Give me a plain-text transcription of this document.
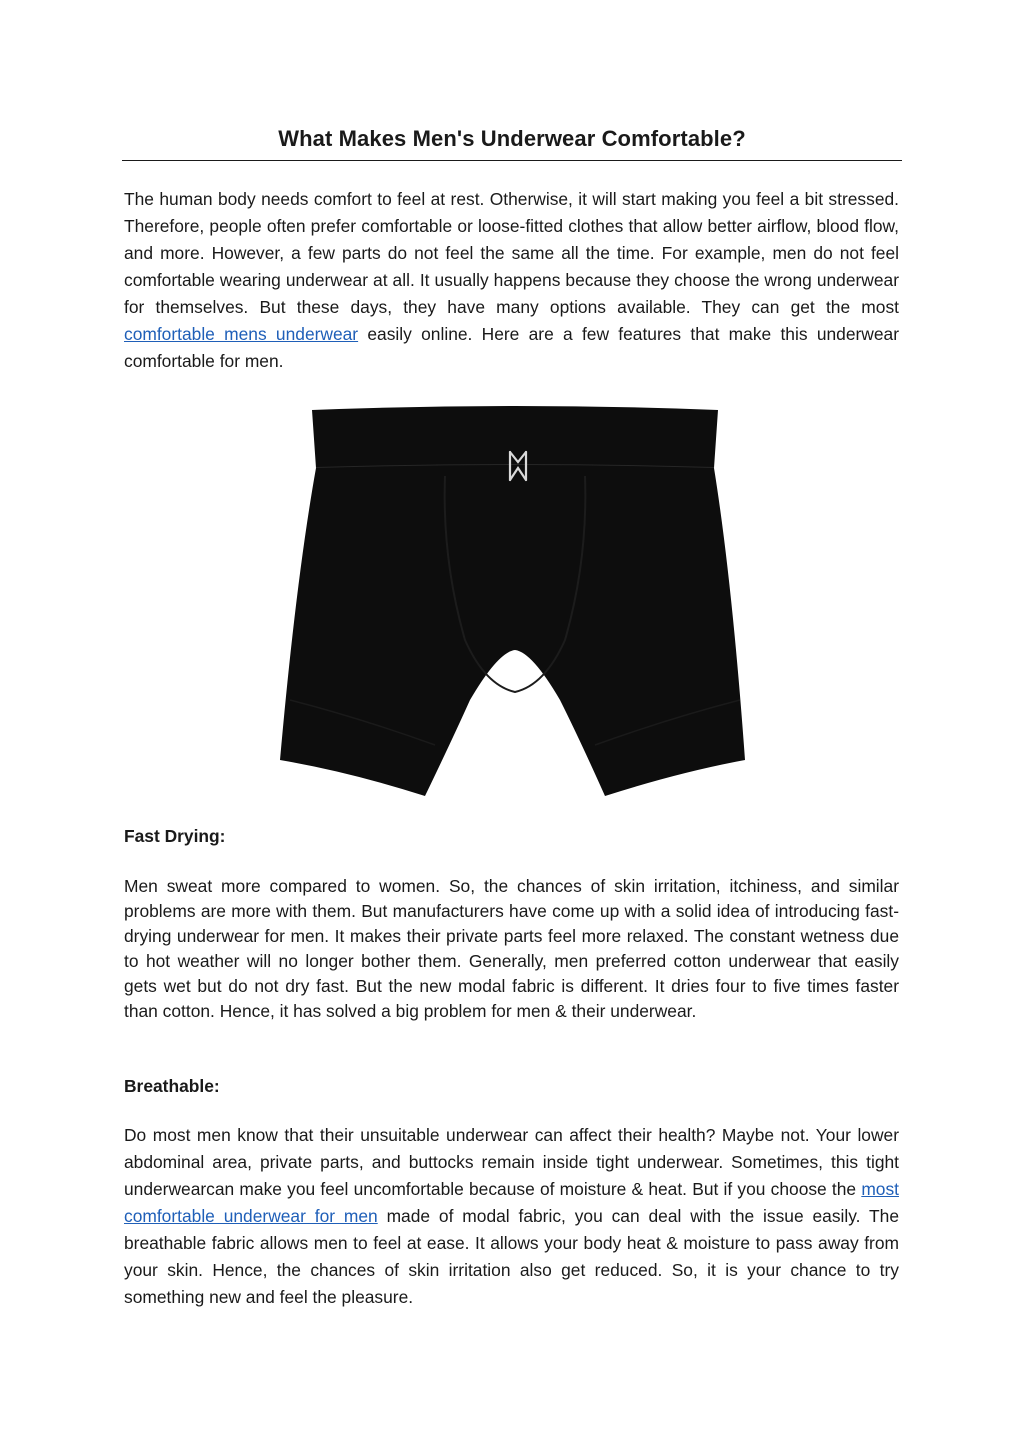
What Makes Men's Underwear Comfortable?

The human body needs comfort to feel at rest. Otherwise, it will start making you feel a bit stressed. Therefore, people often prefer comfortable or loose-fitted clothes that allow better airflow, blood flow, and more. However, a few parts do not feel the same all the time. For example, men do not feel comfortable wearing underwear at all. It usually happens because they choose the wrong underwear for themselves. But these days, they have many options available. They can get the most comfortable mens underwear easily online. Here are a few features that make this underwear comfortable for men.

Fast Drying:

Men sweat more compared to women. So, the chances of skin irritation, itchiness, and similar problems are more with them. But manufacturers have come up with a solid idea of introducing fast-drying underwear for men. It makes their private parts feel more relaxed. The constant wetness due to hot weather will no longer bother them. Generally, men preferred cotton underwear that easily gets wet but do not dry fast. But the new modal fabric is different. It dries four to five times faster than cotton. Hence, it has solved a big problem for men & their underwear.

Breathable:

Do most men know that their unsuitable underwear can affect their health? Maybe not. Your lower abdominal area, private parts, and buttocks remain inside tight underwear. Sometimes, this tight underwearcan make you feel uncomfortable because of moisture & heat. But if you choose the most comfortable underwear for men made of modal fabric, you can deal with the issue easily. The breathable fabric allows men to feel at ease. It allows your body heat & moisture to pass away from your skin. Hence, the chances of skin irritation also get reduced. So, it is your chance to try something new and feel the pleasure.
